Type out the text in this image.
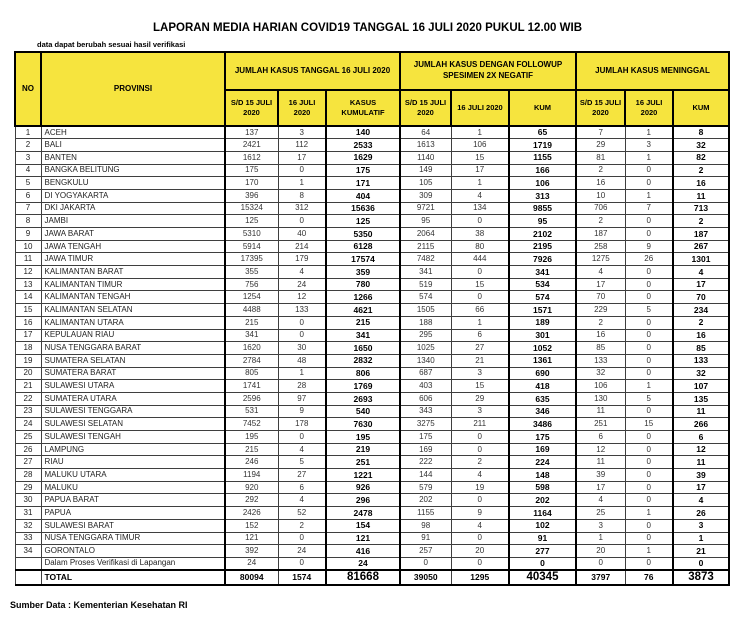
LAPORAN MEDIA HARIAN COVID19 TANGGAL 16 JULI 2020 PUKUL 12.00 WIB
data dapat berubah sesuai hasil verifikasi
NO	PROVINSI	JUMLAH KASUS TANGGAL 16 JULI 2020			JUMLAH KASUS DENGAN FOLLOWUP SPESIMEN 2X NEGATIF			JUMLAH KASUS MENINGGAL		
		S/D 15 JULI 2020	16 JULI 2020	KASUS KUMULATIF	S/D 15 JULI 2020	16 JULI 2020	KUM	S/D 15 JULI 2020	16 JULI 2020	KUM
1	ACEH	137	3	140	64	1	65	7	1	8
2	BALI	2421	112	2533	1613	106	1719	29	3	32
3	BANTEN	1612	17	1629	1140	15	1155	81	1	82
4	BANGKA BELITUNG	175	0	175	149	17	166	2	0	2
5	BENGKULU	170	1	171	105	1	106	16	0	16
6	DI YOGYAKARTA	396	8	404	309	4	313	10	1	11
7	DKI JAKARTA	15324	312	15636	9721	134	9855	706	7	713
8	JAMBI	125	0	125	95	0	95	2	0	2
9	JAWA BARAT	5310	40	5350	2064	38	2102	187	0	187
10	JAWA TENGAH	5914	214	6128	2115	80	2195	258	9	267
11	JAWA TIMUR	17395	179	17574	7482	444	7926	1275	26	1301
12	KALIMANTAN BARAT	355	4	359	341	0	341	4	0	4
13	KALIMANTAN TIMUR	756	24	780	519	15	534	17	0	17
14	KALIMANTAN TENGAH	1254	12	1266	574	0	574	70	0	70
15	KALIMANTAN SELATAN	4488	133	4621	1505	66	1571	229	5	234
16	KALIMANTAN UTARA	215	0	215	188	1	189	2	0	2
17	KEPULAUAN RIAU	341	0	341	295	6	301	16	0	16
18	NUSA TENGGARA BARAT	1620	30	1650	1025	27	1052	85	0	85
19	SUMATERA SELATAN	2784	48	2832	1340	21	1361	133	0	133
20	SUMATERA BARAT	805	1	806	687	3	690	32	0	32
21	SULAWESI UTARA	1741	28	1769	403	15	418	106	1	107
22	SUMATERA UTARA	2596	97	2693	606	29	635	130	5	135
23	SULAWESI TENGGARA	531	9	540	343	3	346	11	0	11
24	SULAWESI SELATAN	7452	178	7630	3275	211	3486	251	15	266
25	SULAWESI TENGAH	195	0	195	175	0	175	6	0	6
26	LAMPUNG	215	4	219	169	0	169	12	0	12
27	RIAU	246	5	251	222	2	224	11	0	11
28	MALUKU UTARA	1194	27	1221	144	4	148	39	0	39
29	MALUKU	920	6	926	579	19	598	17	0	17
30	PAPUA BARAT	292	4	296	202	0	202	4	0	4
31	PAPUA	2426	52	2478	1155	9	1164	25	1	26
32	SULAWESI BARAT	152	2	154	98	4	102	3	0	3
33	NUSA TENGGARA TIMUR	121	0	121	91	0	91	1	0	1
34	GORONTALO	392	24	416	257	20	277	20	1	21
	Dalam Proses Verifikasi di Lapangan	24	0	24	0	0	0	0	0	0
	TOTAL	80094	1574	81668	39050	1295	40345	3797	76	3873
Sumber Data : Kementerian Kesehatan RI
